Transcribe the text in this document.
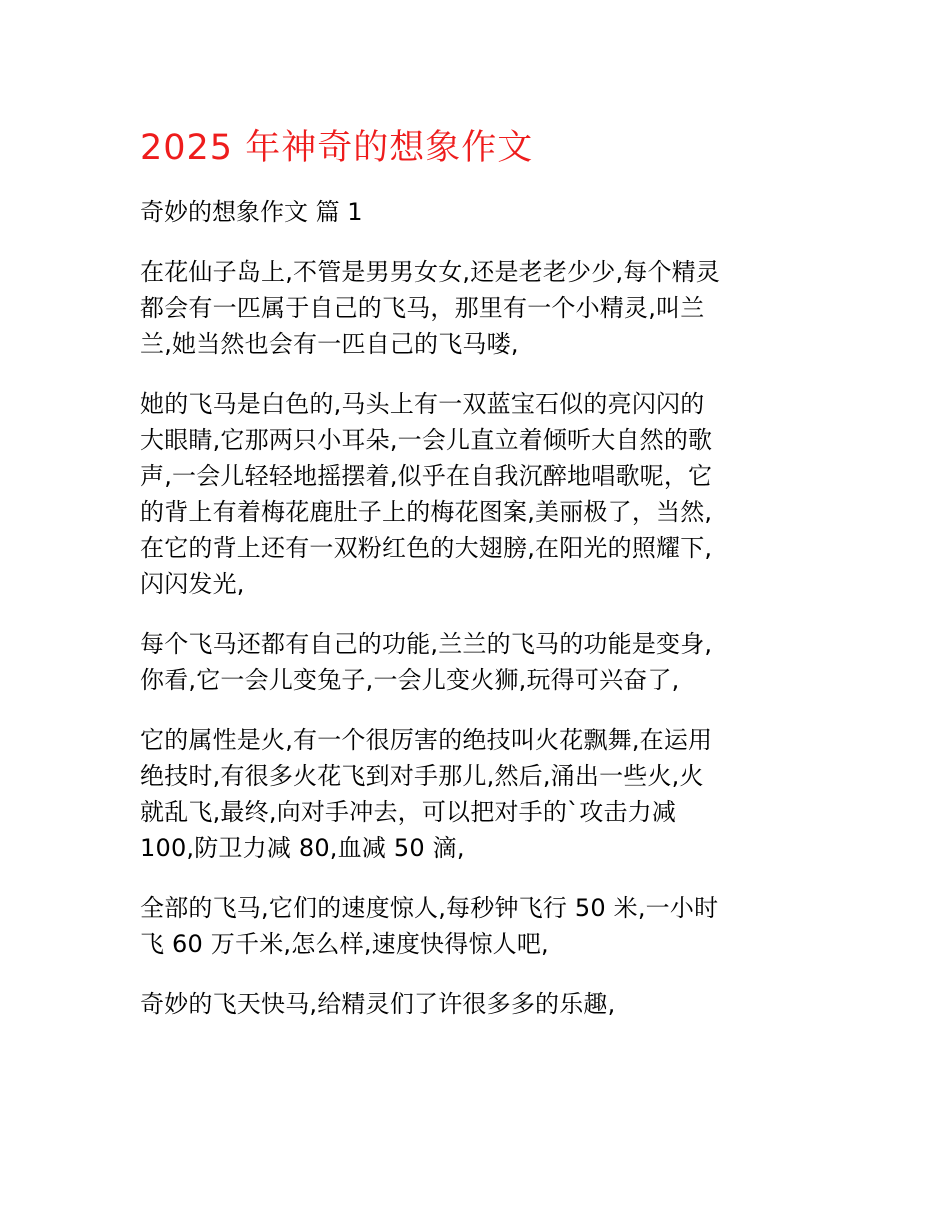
2025 年神奇的想象作文

奇妙的想象作文 篇 1

在花仙子岛上,不管是男男女女,还是老老少少,每个精灵
都会有一匹属于自己的飞马，那里有一个小精灵,叫兰
兰,她当然也会有一匹自己的飞马喽,

她的飞马是白色的,马头上有一双蓝宝石似的亮闪闪的
大眼睛,它那两只小耳朵,一会儿直立着倾听大自然的歌
声,一会儿轻轻地摇摆着,似乎在自我沉醉地唱歌呢，它
的背上有着梅花鹿肚子上的梅花图案,美丽极了，当然,
在它的背上还有一双粉红色的大翅膀,在阳光的照耀下,
闪闪发光,

每个飞马还都有自己的功能,兰兰的飞马的功能是变身,
你看,它一会儿变兔子,一会儿变火狮,玩得可兴奋了,

它的属性是火,有一个很厉害的绝技叫火花飘舞,在运用
绝技时,有很多火花飞到对手那儿,然后,涌出一些火,火
就乱飞,最终,向对手冲去，可以把对手的`攻击力减
100,防卫力减 80,血减 50 滴,

全部的飞马,它们的速度惊人,每秒钟飞行 50 米,一小时
飞 60 万千米,怎么样,速度快得惊人吧,

奇妙的飞天快马,给精灵们了许很多多的乐趣,
